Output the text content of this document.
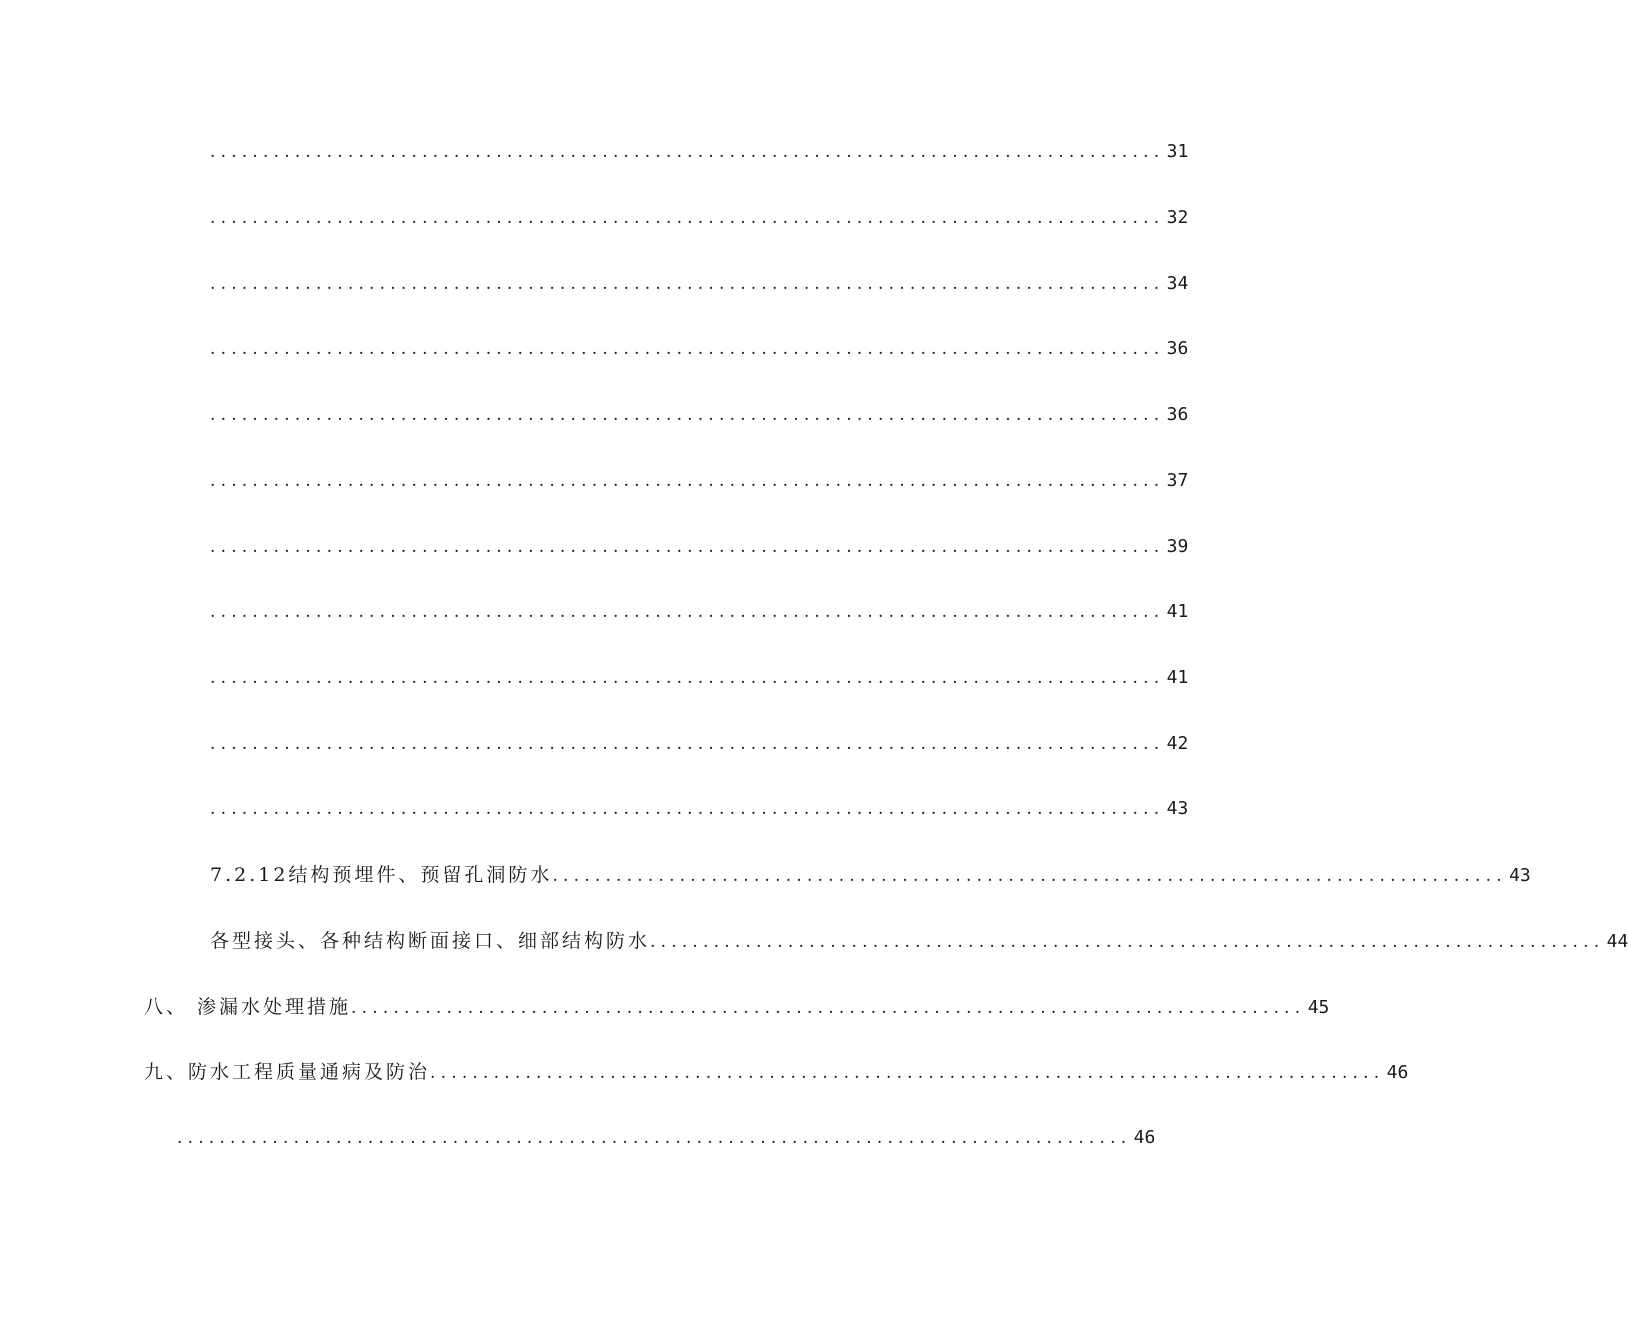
.......................................................................................... 31
.......................................................................................... 32
.......................................................................................... 34
.......................................................................................... 36
.......................................................................................... 36
.......................................................................................... 37
.......................................................................................... 39
.......................................................................................... 41
.......................................................................................... 41
.......................................................................................... 42
.......................................................................................... 43
7.2.12结构预埋件、预留孔洞防水 .......................................................................................... 43
各型接头、各种结构断面接口、细部结构防水 .......................................................................................... 44
八、 渗漏水处理措施 .......................................................................................... 45
九、防水工程质量通病及防治 .......................................................................................... 46
.......................................................................................... 46
